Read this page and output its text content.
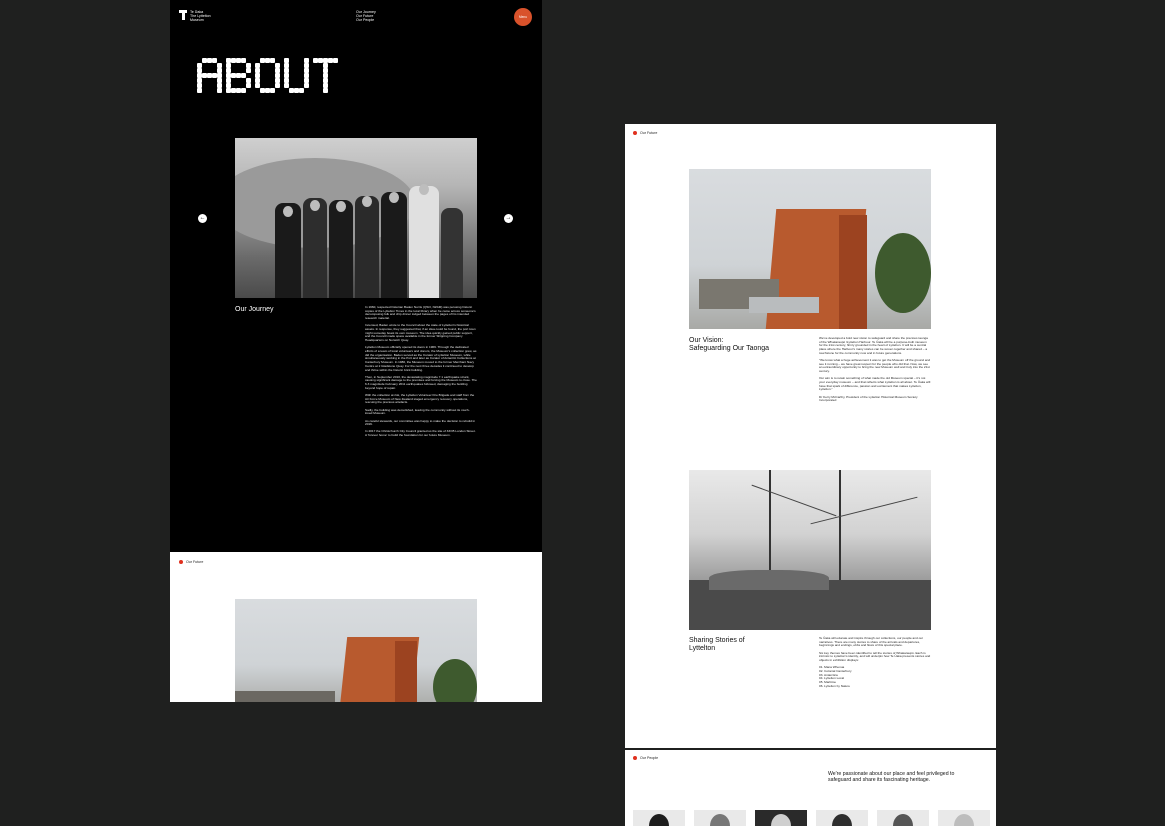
Te Ūaka
The Lyttelton
Museum
Our Journey
Our Future
Our People
Menu
←	→
Our Journey	In 1960, respected historian Baden Norris (QSO, NZAM) was perusing historic copies of the Lyttelton Times in the local library when he came across someone's decomposing folk and chip dinner lodged between the pages of his intended research material.

Incensed, Baden wrote to the Council about the state of Lyttelton's historical assets. In response, they suggested that, if an idea could be found, the port town might someday boast its own museum. The idea quickly gained public support, and the Council made space available in the former Shipping Company Headquarters on Norwich Quay.

Lyttelton Museum officially opened its doors in 1969. Through the dedicated efforts of a team of local volunteers and donors, the Museum's collection grew, as did the organisation. Baden served as the Curator of Lyttelton Museum, while simultaneously working in the Port and later as Curator of Antarctic Collections at Canterbury Museum. In 1980, the Museum moved to the former Merchant Navy Centre at 2 Gladstone Quay. For the next three decades it continued to develop and thrive within the historic brick building.

Then, in September 2010, the devastating magnitude 7.1 earthquake struck, causing significant damage to the premises and forcing the Museum to close. The 6.3 magnitude February 2011 earthquakes followed, damaging the building beyond hope of repair.

With the collection at risk, the Lyttelton Volunteer Fire Brigade and staff from the Air Force Museum of New Zealand staged emergency recovery operations, rescuing the precious artefacts.

Sadly, the building was demolished, leaving the community without its much-loved Museum.

As careful stewards, our committee was happy to make the decision to rebuild in 2016.

In 2017 the Christchurch City Council granted us the site of 33/35 London Street. A 'forever home' to build the foundation for our future Museum.

Our Future
Our Future
Our Vision:
Safeguarding Our Taonga

We've developed a bold new vision to safeguard and share the precious taonga of the Whakaraupō /Lyttelton Harbour. Te Ūaka will be a purpose-built museum for the 21st century, firmly grounded in the heart of Lyttelton. It will be a central place where the Harbour's many stories can be woven together and shared – a touchstone for the community now and in future generations.

"We know what a huge achievement it was to get the Museum off the ground and see it running – we have great respect for the people who did that. Now, we see an extraordinary opportunity to bring the new Museum well and truly into the 21st century.

Our aim is to retain something of what made the old Museum special – it's not your everyday museum – and that reflects what Lyttelton is all about. Te Ūaka will have that spark of difference, passion and excitement that makes Lyttelton, Lyttelton."

Dr Kerry McCarthy, President of the Lyttelton Historical Museum Society Incorporated

Sharing Stories of
Lyttelton

Te Ūaka will educate and inspire through our collections, our people and our narratives. There are many stories to share of the arrivals and departures, beginnings and endings, ebbs and flows of this special place.

Six key themes have been identified to tell the stories of Whakaraupō. Each is intrinsic to Lyttelton's identity, and will underpin how Te Ūaka presents stories and objects in exhibition displays:

01. Mana Whenua
02. Colonial Canterbury
03. Antarctica
04. Lyttelton Local
05. Maritime
06. Lyttelton by Nature
Our People
We're passionate about our place and feel privileged to safeguard and share its fascinating heritage.
